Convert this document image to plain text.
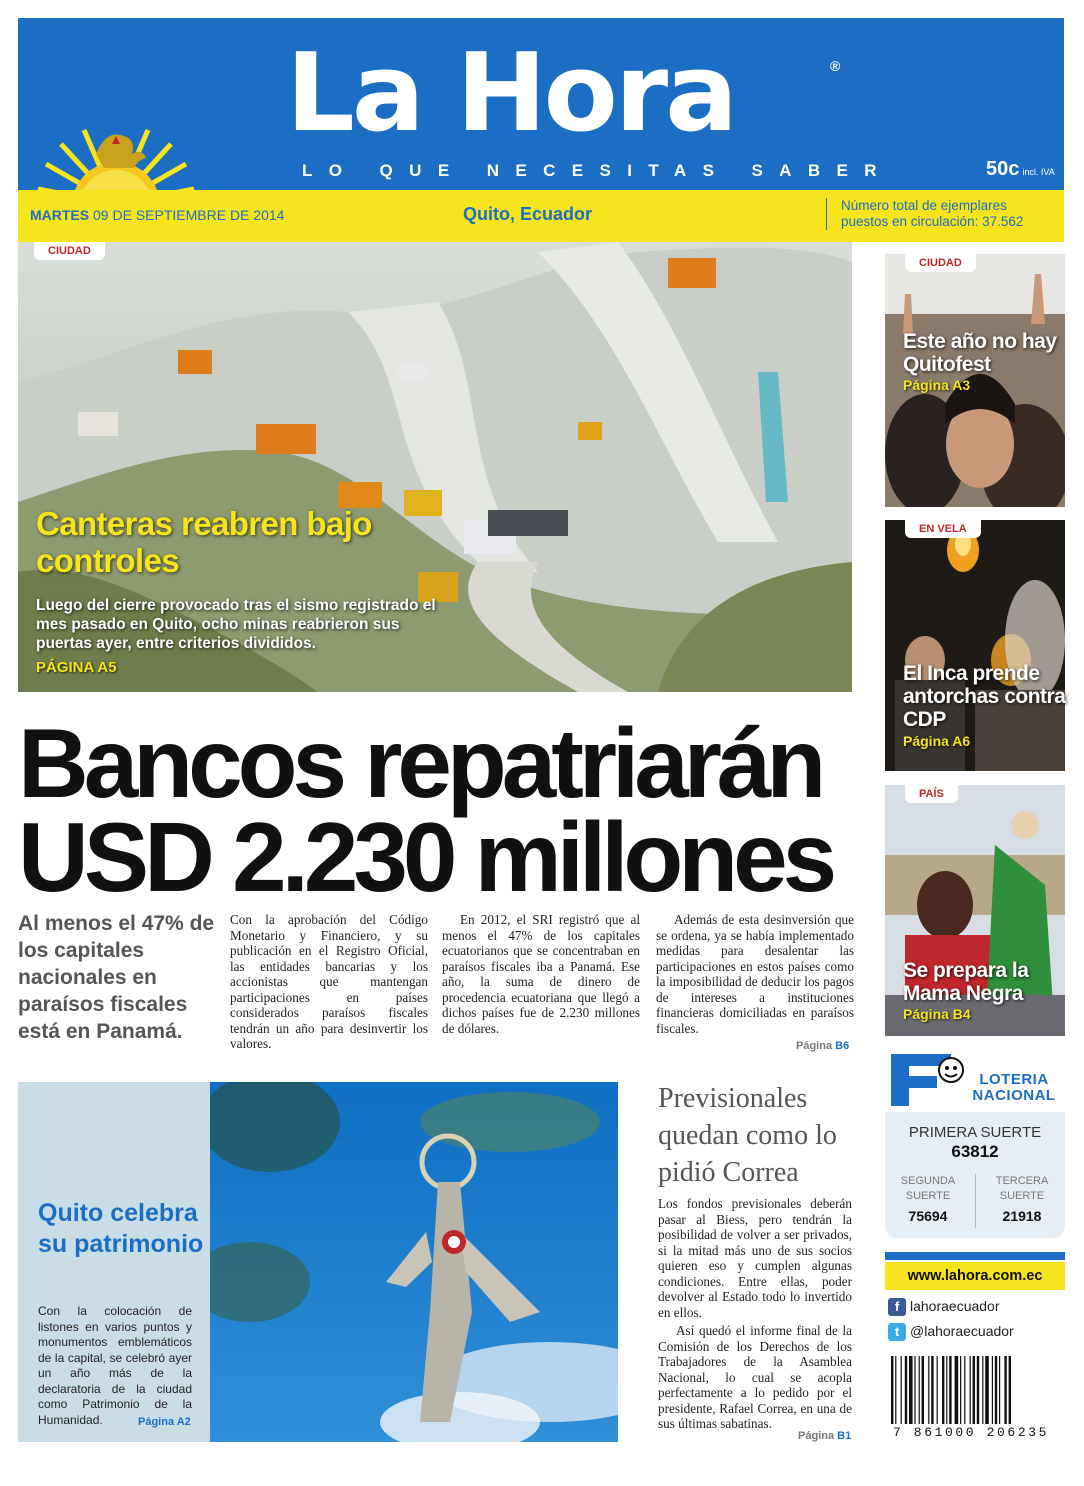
La Hora	®
LO QUE NECESITAS SABER	50c incl. IVA
MARTES 09 DE SEPTIEMBRE DE 2014	Quito, Ecuador	Número total de ejemplares puestos en circulación: 37.562
CIUDAD
Canteras reabren bajo controles
Luego del cierre provocado tras el sismo registrado el mes pasado en Quito, ocho minas reabrieron sus puertas ayer, entre criterios divididos.
PÁGINA A5
Bancos repatriarán USD 2.230 millones
Al menos el 47% de los capitales nacionales en paraísos fiscales está en Panamá.
Con la aprobación del Código Monetario y Financiero, y su publicación en el Registro Oficial, las entidades bancarias y los accionistas que mantengan participaciones en países considerados paraísos fiscales tendrán un año para desinvertir los valores.
En 2012, el SRI registró que al menos el 47% de los capitales ecuatorianos que se concentraban en paraísos fiscales iba a Panamá. Ese año, la suma de dinero de procedencia ecuatoriana que llegó a dichos países fue de 2.230 millones de dólares.
Además de esta desinversión que se ordena, ya se había implementado medidas para desalentar las participaciones en estos países como la imposibilidad de deducir los pagos de intereses a instituciones financieras domiciliadas en paraísos fiscales.
Página B6
Quito celebra su patrimonio
Con la colocación de listones en varios puntos y monumentos emblemáticos de la capital, se celebró ayer un año más de la declaratoria de la ciudad como Patrimonio de la Humanidad.	Página A2
Previsionales quedan como lo pidió Correa

Los fondos previsionales deberán pasar al Biess, pero tendrán la posibilidad de volver a ser privados, si la mitad más uno de sus socios quieren eso y cumplen algunas condiciones. Entre ellas, poder devolver al Estado todo lo invertido en ellos.

Así quedó el informe final de la Comisión de los Derechos de los Trabajadores de la Asamblea Nacional, lo cual se acopla perfectamente a lo pedido por el presidente, Rafael Correa, en una de sus últimas sabatinas.

Página B1
CIUDAD
Este año no hay Quitofest
Página A3
EN VELA
El Inca prende antorchas contra CDP
Página A6
PAÍS
Se prepara la Mama Negra
Página B4
LOTERIA NACIONAL
PRIMERA SUERTE
63812
SEGUNDA SUERTE
TERCERA SUERTE
75694	21918
www.lahora.com.ec
f lahoraecuador
t @lahoraecuador
7 861000 206235
